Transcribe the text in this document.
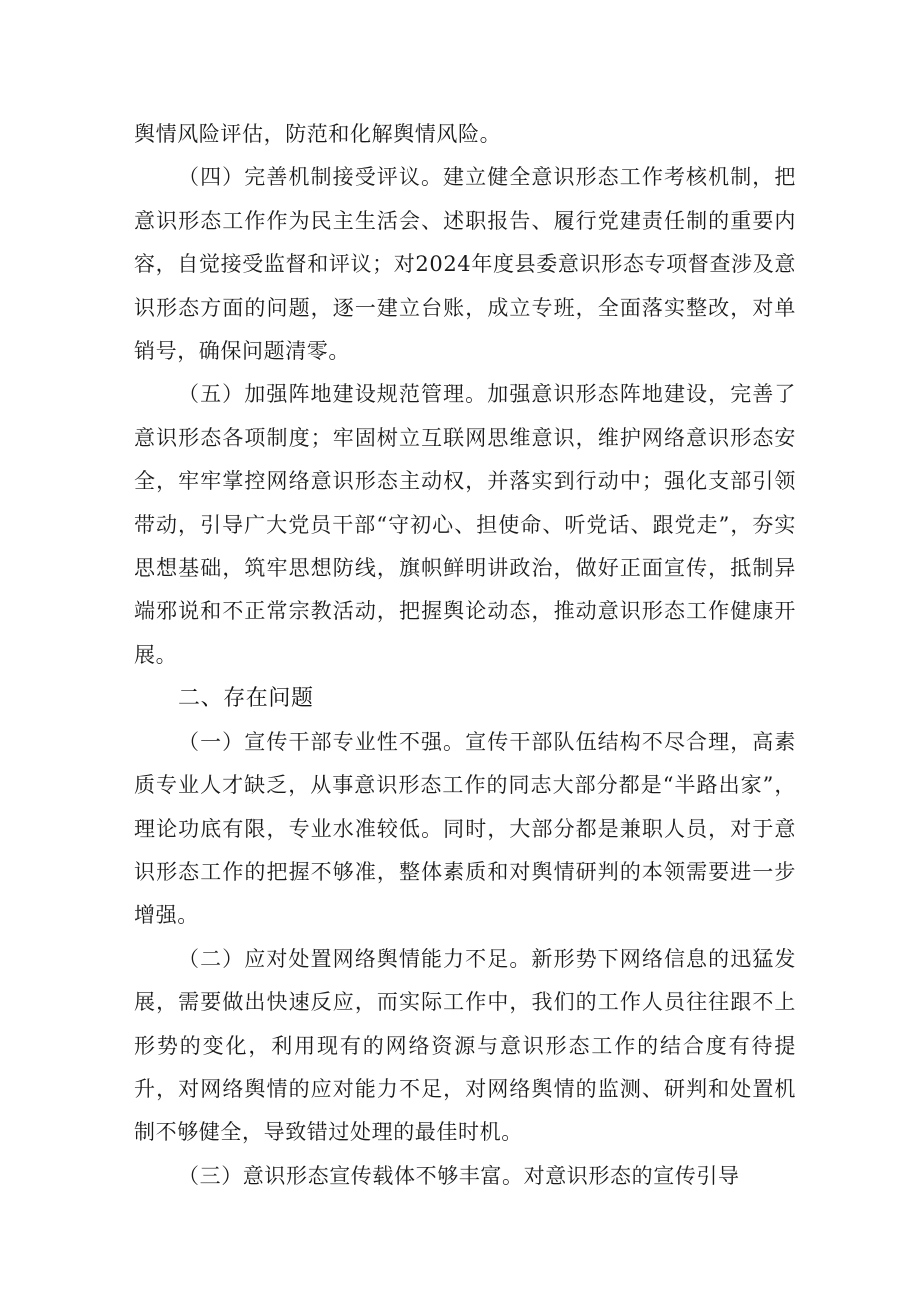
舆情风险评估，防范和化解舆情风险。

（四）完善机制接受评议。建立健全意识形态工作考核机制，把意识形态工作作为民主生活会、述职报告、履行党建责任制的重要内容，自觉接受监督和评议；对2024年度县委意识形态专项督查涉及意识形态方面的问题，逐一建立台账，成立专班，全面落实整改，对单销号，确保问题清零。

（五）加强阵地建设规范管理。加强意识形态阵地建设，完善了意识形态各项制度；牢固树立互联网思维意识，维护网络意识形态安全，牢牢掌控网络意识形态主动权，并落实到行动中；强化支部引领带动，引导广大党员干部“守初心、担使命、听党话、跟党走”，夯实思想基础，筑牢思想防线，旗帜鲜明讲政治，做好正面宣传，抵制异端邪说和不正常宗教活动，把握舆论动态，推动意识形态工作健康开展。

二、存在问题

（一）宣传干部专业性不强。宣传干部队伍结构不尽合理，高素质专业人才缺乏，从事意识形态工作的同志大部分都是“半路出家”，理论功底有限，专业水准较低。同时，大部分都是兼职人员，对于意识形态工作的把握不够准，整体素质和对舆情研判的本领需要进一步增强。

（二）应对处置网络舆情能力不足。新形势下网络信息的迅猛发展，需要做出快速反应，而实际工作中，我们的工作人员往往跟不上形势的变化，利用现有的网络资源与意识形态工作的结合度有待提升，对网络舆情的应对能力不足，对网络舆情的监测、研判和处置机制不够健全，导致错过处理的最佳时机。

（三）意识形态宣传载体不够丰富。对意识形态的宣传引导
